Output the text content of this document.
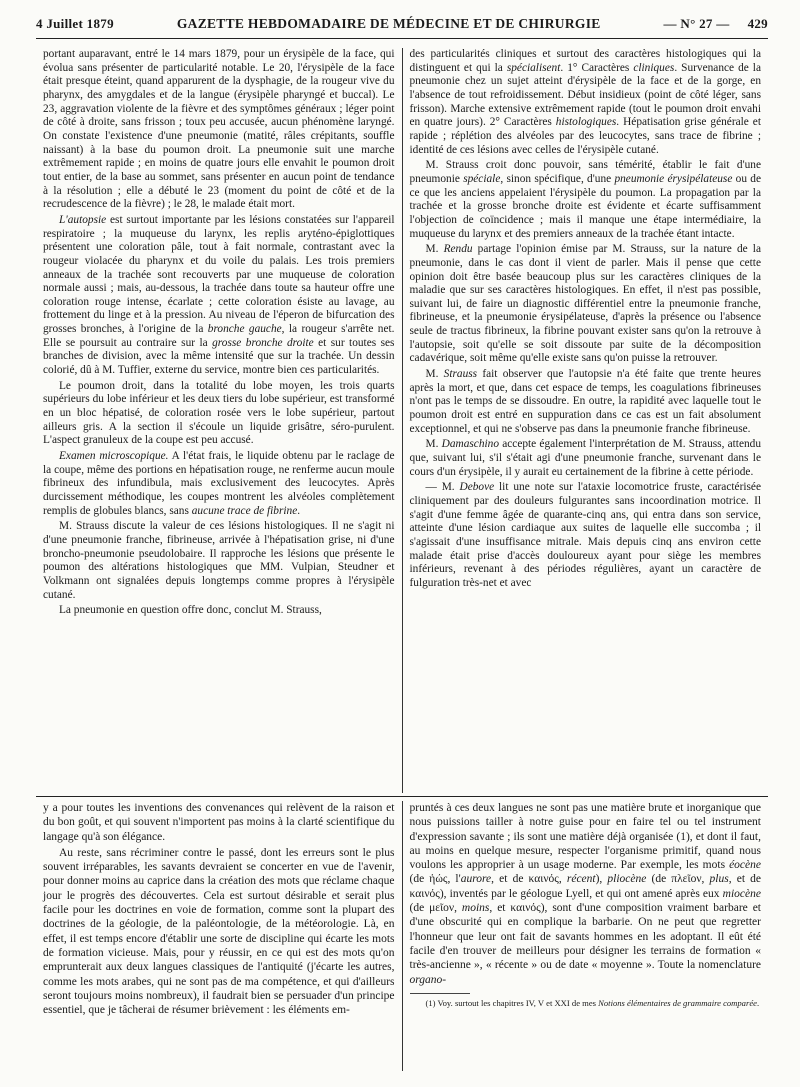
4 Juillet 1879	GAZETTE HEBDOMADAIRE DE MÉDECINE ET DE CHIRURGIE	— N° 27 — 429

portant auparavant, entré le 14 mars 1879, pour un érysipèle de la face, qui évolua sans présenter de particularité notable. Le 20, l'érysipèle de la face était presque éteint, quand apparurent de la dysphagie, de la rougeur vive du pharynx, des amygdales et de la langue (érysipèle pharyngé et buccal). Le 23, aggravation violente de la fièvre et des symptômes généraux ; léger point de côté à droite, sans frisson ; toux peu accusée, aucun phénomène laryngé. On constate l'existence d'une pneumonie (matité, râles crépitants, souffle naissant) à la base du poumon droit. La pneumonie suit une marche extrêmement rapide ; en moins de quatre jours elle envahit le poumon droit tout entier, de la base au sommet, sans présenter en aucun point de tendance à la résolution ; elle a débuté le 23 (moment du point de côté et de la recrudescence de la fièvre) ; le 28, le malade était mort.

L'autopsie est surtout importante par les lésions constatées sur l'appareil respiratoire ; la muqueuse du larynx, les replis aryténo-épiglottiques présentent une coloration pâle, tout à fait normale, contrastant avec la rougeur violacée du pharynx et du voile du palais. Les trois premiers anneaux de la trachée sont recouverts par une muqueuse de coloration normale aussi ; mais, au-dessous, la trachée dans toute sa hauteur offre une coloration rouge intense, écarlate ; cette coloration ésiste au lavage, au frottement du linge et à la pression. Au niveau de l'éperon de bifurcation des grosses bronches, à l'origine de la bronche gauche, la rougeur s'arrête net. Elle se poursuit au contraire sur la grosse bronche droite et sur toutes ses branches de division, avec la même intensité que sur la trachée. Un dessin colorié, dû à M. Tuffier, externe du service, montre bien ces particularités.

Le poumon droit, dans la totalité du lobe moyen, les trois quarts supérieurs du lobe inférieur et les deux tiers du lobe supérieur, est transformé en un bloc hépatisé, de coloration rosée vers le lobe supérieur, partout ailleurs gris. A la section il s'écoule un liquide grisâtre, séro-purulent. L'aspect granuleux de la coupe est peu accusé.

Examen microscopique. A l'état frais, le liquide obtenu par le raclage de la coupe, même des portions en hépatisation rouge, ne renferme aucun moule fibrineux des infundibula, mais exclusivement des leucocytes. Après durcissement méthodique, les coupes montrent les alvéoles complètement remplis de globules blancs, sans aucune trace de fibrine.

M. Strauss discute la valeur de ces lésions histologiques. Il ne s'agit ni d'une pneumonie franche, fibrineuse, arrivée à l'hépatisation grise, ni d'une broncho-pneumonie pseudolobaire. Il rapproche les lésions que présente le poumon des altérations histologiques que MM. Vulpian, Steudner et Volkmann ont signalées depuis longtemps comme propres à l'érysipèle cutané.

La pneumonie en question offre donc, conclut M. Strauss,

des particularités cliniques et surtout des caractères histologiques qui la distinguent et qui la spécialisent. 1° Caractères cliniques. Survenance de la pneumonie chez un sujet atteint d'érysipèle de la face et de la gorge, en l'absence de tout refroidissement. Début insidieux (point de côté léger, sans frisson). Marche extensive extrêmement rapide (tout le poumon droit envahi en quatre jours). 2° Caractères histologiques. Hépatisation grise générale et rapide ; réplétion des alvéoles par des leucocytes, sans trace de fibrine ; identité de ces lésions avec celles de l'érysipèle cutané.

M. Strauss croit donc pouvoir, sans témérité, établir le fait d'une pneumonie spéciale, sinon spécifique, d'une pneumonie érysipélateuse ou de ce que les anciens appelaient l'érysipèle du poumon. La propagation par la trachée et la grosse bronche droite est évidente et écarte suffisamment l'objection de coïncidence ; mais il manque une étape intermédiaire, la muqueuse du larynx et des premiers anneaux de la trachée étant intacte.

M. Rendu partage l'opinion émise par M. Strauss, sur la nature de la pneumonie, dans le cas dont il vient de parler. Mais il pense que cette opinion doit être basée beaucoup plus sur les caractères cliniques de la maladie que sur ses caractères histologiques. En effet, il n'est pas possible, suivant lui, de faire un diagnostic différentiel entre la pneumonie franche, fibrineuse, et la pneumonie érysipélateuse, d'après la présence ou l'absence seule de tractus fibrineux, la fibrine pouvant exister sans qu'on la retrouve à l'autopsie, soit qu'elle se soit dissoute par suite de la décomposition cadavérique, soit même qu'elle existe sans qu'on puisse la retrouver.

M. Strauss fait observer que l'autopsie n'a été faite que trente heures après la mort, et que, dans cet espace de temps, les coagulations fibrineuses n'ont pas le temps de se dissoudre. En outre, la rapidité avec laquelle tout le poumon droit est entré en suppuration dans ce cas est un fait absolument exceptionnel, et qui ne s'observe pas dans la pneumonie franche fibrineuse.

M. Damaschino accepte également l'interprétation de M. Strauss, attendu que, suivant lui, s'il s'était agi d'une pneumonie franche, survenant dans le cours d'un érysipèle, il y aurait eu certainement de la fibrine à cette période.

— M. Debove lit une note sur l'ataxie locomotrice fruste, caractérisée cliniquement par des douleurs fulgurantes sans incoordination motrice. Il s'agit d'une femme âgée de quarante-cinq ans, qui entra dans son service, atteinte d'une lésion cardiaque aux suites de laquelle elle succomba ; il s'agissait d'une insuffisance mitrale. Mais depuis cinq ans environ cette malade était prise d'accès douloureux ayant pour siège les membres inférieurs, revenant à des périodes régulières, ayant un caractère de fulguration très-net et avec

y a pour toutes les inventions des convenances qui relèvent de la raison et du bon goût, et qui souvent n'importent pas moins à la clarté scientifique du langage qu'à son élégance.

Au reste, sans récriminer contre le passé, dont les erreurs sont le plus souvent irréparables, les savants devraient se concerter en vue de l'avenir, pour donner moins au caprice dans la création des mots que réclame chaque jour le progrès des découvertes. Cela est surtout désirable et serait plus facile pour les doctrines en voie de formation, comme sont la plupart des doctrines de la géologie, de la paléontologie, de la météorologie. Là, en effet, il est temps encore d'établir une sorte de discipline qui écarte les mots de formation vicieuse. Mais, pour y réussir, en ce qui est des mots qu'on emprunterait aux deux langues classiques de l'antiquité (j'écarte les autres, comme les mots arabes, qui ne sont pas de ma compétence, et qui d'ailleurs seront toujours moins nombreux), il faudrait bien se persuader d'un principe essentiel, que je tâcherai de résumer brièvement : les éléments em-

pruntés à ces deux langues ne sont pas une matière brute et inorganique que nous puissions tailler à notre guise pour en faire tel ou tel instrument d'expression savante ; ils sont une matière déjà organisée (1), et dont il faut, au moins en quelque mesure, respecter l'organisme primitif, quand nous voulons les approprier à un usage moderne. Par exemple, les mots éocène (de ἠώς, l'aurore, et de καινός, récent), pliocène (de πλεῖον, plus, et de καινός), inventés par le géologue Lyell, et qui ont amené après eux miocène (de μεῖον, moins, et καινός), sont d'une composition vraiment barbare et d'une obscurité qui en complique la barbarie. On ne peut que regretter l'honneur que leur ont fait de savants hommes en les adoptant. Il eût été facile d'en trouver de meilleurs pour désigner les terrains de formation « très-ancienne », « récente » ou de date « moyenne ». Toute la nomenclature organo-

(1) Voy. surtout les chapitres IV, V et XXI de mes Notions élémentaires de grammaire comparée.
